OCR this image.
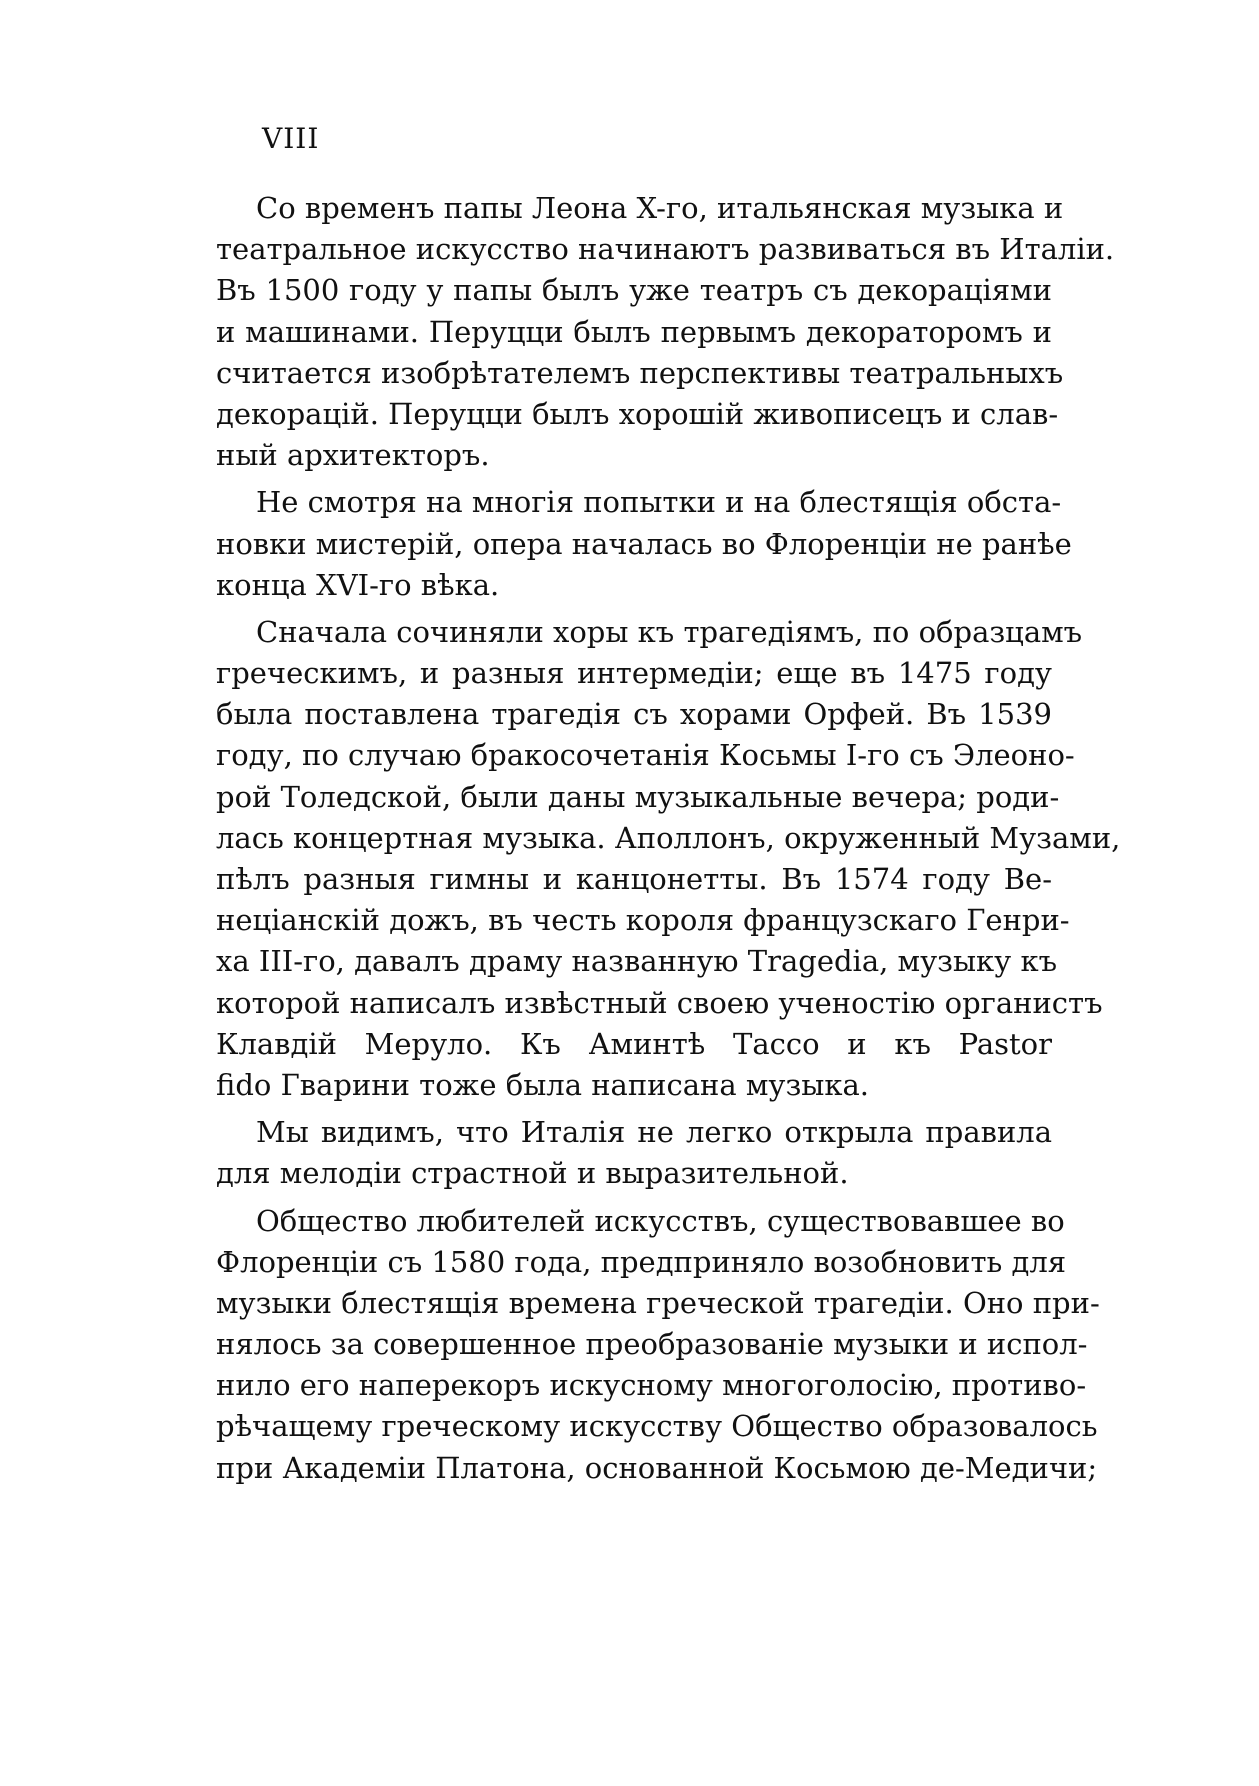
VIII
Со временъ папы Леона X-го, итальянская музыка и
театральное искусство начинаютъ развиваться въ Италіи.
Въ 1500 году у папы былъ уже театръ съ декораціями
и машинами. Перуцци былъ первымъ декораторомъ и
считается изобрѣтателемъ перспективы театральныхъ
декорацій. Перуцци былъ хорошій живописецъ и слав-
ный архитекторъ.
Не смотря на многія попытки и на блестящія обста-
новки мистерій, опера началась во Флоренціи не ранѣе
конца XVI-го вѣка.
Сначала сочиняли хоры къ трагедіямъ, по образцамъ
греческимъ, и разныя интермедіи; еще въ 1475 году
была поставлена трагедія съ хорами Орфей. Въ 1539
году, по случаю бракосочетанія Косьмы I-го съ Элеоно-
рой Толедской, были даны музыкальные вечера; роди-
лась концертная музыка. Аполлонъ, окруженный Музами,
пѣлъ разныя гимны и канцонетты. Въ 1574 году Ве-
неціанскій дожъ, въ честь короля французскаго Генри-
ха III-го, давалъ драму названную Tragedia, музыку къ
которой написалъ извѣстный своею ученостію органистъ
Клавдій Меруло. Къ Аминтѣ Тассо и къ Pastor
fido Гварини тоже была написана музыка.
Мы видимъ, что Италія не легко открыла правила
для мелодіи страстной и выразительной.
Общество любителей искусствъ, существовавшее во
Флоренціи съ 1580 года, предприняло возобновить для
музыки блестящія времена греческой трагедіи. Оно при-
нялось за совершенное преобразованіе музыки и испол-
нило его наперекоръ искусному многоголосію, противо-
рѣчащему греческому искусству Общество образовалось
при Академіи Платона, основанной Косьмою де-Медичи;
